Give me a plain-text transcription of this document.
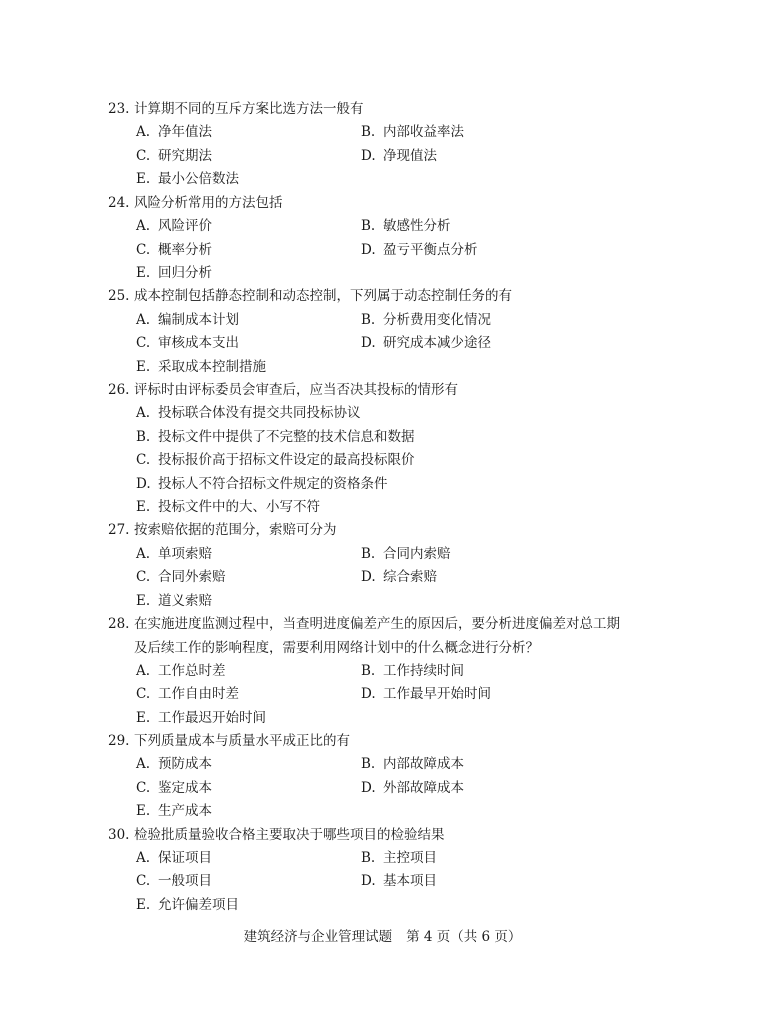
23. 计算期不同的互斥方案比选方法一般有
A. 净年值法	B. 内部收益率法
C. 研究期法	D. 净现值法
E. 最小公倍数法
24. 风险分析常用的方法包括
A. 风险评价	B. 敏感性分析
C. 概率分析	D. 盈亏平衡点分析
E. 回归分析
25. 成本控制包括静态控制和动态控制，下列属于动态控制任务的有
A. 编制成本计划	B. 分析费用变化情况
C. 审核成本支出	D. 研究成本减少途径
E. 采取成本控制措施
26. 评标时由评标委员会审查后，应当否决其投标的情形有
A. 投标联合体没有提交共同投标协议
B. 投标文件中提供了不完整的技术信息和数据
C. 投标报价高于招标文件设定的最高投标限价
D. 投标人不符合招标文件规定的资格条件
E. 投标文件中的大、小写不符
27. 按索赔依据的范围分，索赔可分为
A. 单项索赔	B. 合同内索赔
C. 合同外索赔	D. 综合索赔
E. 道义索赔
28. 在实施进度监测过程中，当查明进度偏差产生的原因后，要分析进度偏差对总工期
及后续工作的影响程度，需要利用网络计划中的什么概念进行分析？
A. 工作总时差	B. 工作持续时间
C. 工作自由时差	D. 工作最早开始时间
E. 工作最迟开始时间
29. 下列质量成本与质量水平成正比的有
A. 预防成本	B. 内部故障成本
C. 鉴定成本	D. 外部故障成本
E. 生产成本
30. 检验批质量验收合格主要取决于哪些项目的检验结果
A. 保证项目	B. 主控项目
C. 一般项目	D. 基本项目
E. 允许偏差项目
建筑经济与企业管理试题 第 4 页（共 6 页）
